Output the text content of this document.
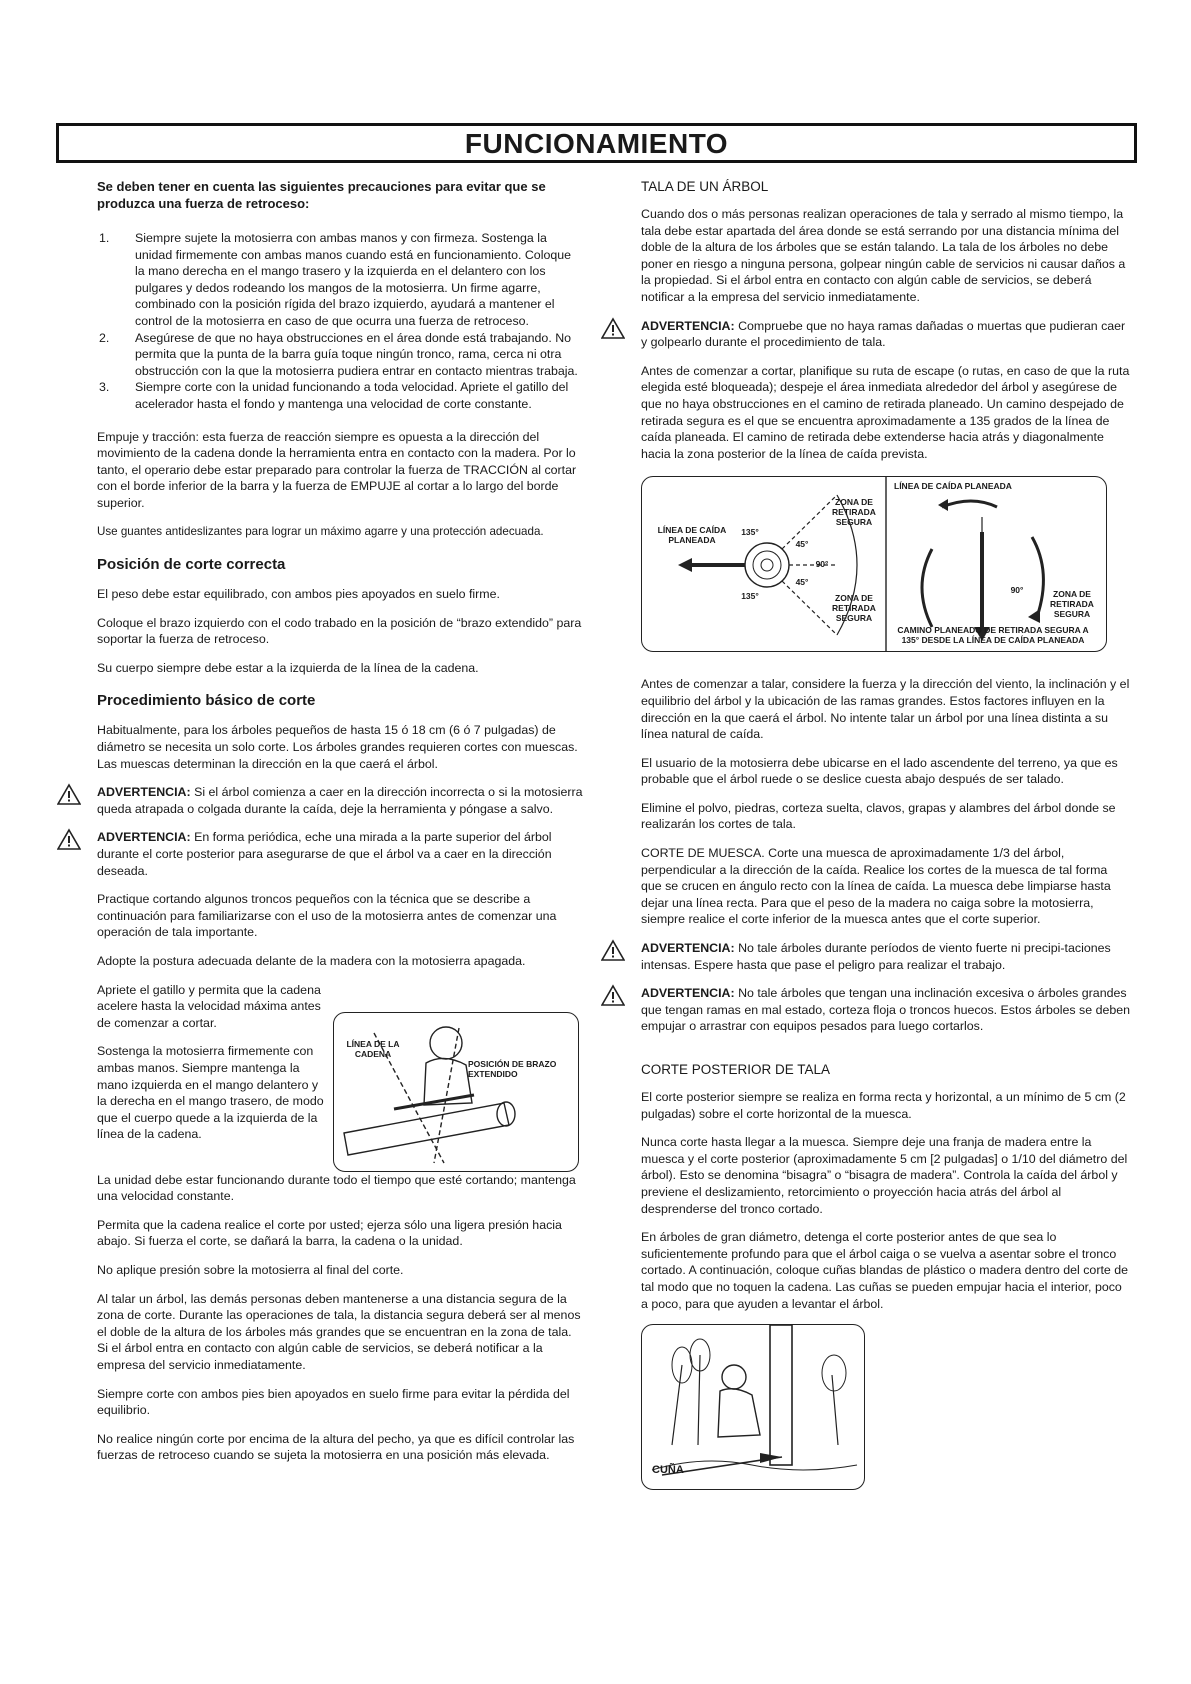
FUNCIONAMIENTO

Se deben tener en cuenta las siguientes precauciones para evitar que se produzca una fuerza de retroceso:

1. Siempre sujete la motosierra con ambas manos y con firmeza. Sostenga la unidad firmemente con ambas manos cuando está en funcionamiento. Coloque la mano derecha en el mango trasero y la izquierda en el delantero con los pulgares y dedos rodeando los mangos de la motosierra. Un firme agarre, combinado con la posición rígida del brazo izquierdo, ayudará a mantener el control de la motosierra en caso de que ocurra una fuerza de retroceso.
2. Asegúrese de que no haya obstrucciones en el área donde está trabajando. No permita que la punta de la barra guía toque ningún tronco, rama, cerca ni otra obstrucción con la que la motosierra pudiera entrar en contacto mientras trabaja.
3. Siempre corte con la unidad funcionando a toda velocidad. Apriete el gatillo del acelerador hasta el fondo y mantenga una velocidad de corte constante.

Empuje y tracción: esta fuerza de reacción siempre es opuesta a la dirección del movimiento de la cadena donde la herramienta entra en contacto con la madera. Por lo tanto, el operario debe estar preparado para controlar la fuerza de TRACCIÓN al cortar con el borde inferior de la barra y la fuerza de EMPUJE al cortar a lo largo del borde superior.

Use guantes antideslizantes para lograr un máximo agarre y una protección adecuada.

Posición de corte correcta

El peso debe estar equilibrado, con ambos pies apoyados en suelo firme.

Coloque el brazo izquierdo con el codo trabado en la posición de “brazo extendido” para soportar la fuerza de retroceso.

Su cuerpo siempre debe estar a la izquierda de la línea de la cadena.

Procedimiento básico de corte

Habitualmente, para los árboles pequeños de hasta 15 ó 18 cm (6 ó 7 pulgadas) de diámetro se necesita un solo corte. Los árboles grandes requieren cortes con muescas. Las muescas determinan la dirección en la que caerá el árbol.

ADVERTENCIA: Si el árbol comienza a caer en la dirección incorrecta o si la motosierra queda atrapada o colgada durante la caída, deje la herramienta y póngase a salvo.

ADVERTENCIA: En forma periódica, eche una mirada a la parte superior del árbol durante el corte posterior para asegurarse de que el árbol va a caer en la dirección deseada.

Practique cortando algunos troncos pequeños con la técnica que se describe a continuación para familiarizarse con el uso de la motosierra antes de comenzar una operación de tala importante.

Adopte la postura adecuada delante de la madera con la motosierra apagada.

Apriete el gatillo y permita que la cadena acelere hasta la velocidad máxima antes de comenzar a cortar.

Sostenga la motosierra firmemente con ambas manos. Siempre mantenga la mano izquierda en el mango delantero y la derecha en el mango trasero, de modo que el cuerpo quede a la izquierda de la línea de la cadena.

LÍNEA DE LA CADENA
POSICIÓN DE BRAZO EXTENDIDO

La unidad debe estar funcionando durante todo el tiempo que esté cortando; mantenga una velocidad constante.

Permita que la cadena realice el corte por usted; ejerza sólo una ligera presión hacia abajo. Si fuerza el corte, se dañará la barra, la cadena o la unidad.

No aplique presión sobre la motosierra al final del corte.

Al talar un árbol, las demás personas deben mantenerse a una distancia segura de la zona de corte. Durante las operaciones de tala, la distancia segura deberá ser al menos el doble de la altura de los árboles más grandes que se encuentran en la zona de tala. Si el árbol entra en contacto con algún cable de servicios, se deberá notificar a la empresa del servicio inmediatamente.

Siempre corte con ambos pies bien apoyados en suelo firme para evitar la pérdida del equilibrio.

No realice ningún corte por encima de la altura del pecho, ya que es difícil controlar las fuerzas de retroceso cuando se sujeta la motosierra en una posición más elevada.

TALA DE UN ÁRBOL

Cuando dos o más personas realizan operaciones de tala y serrado al mismo tiempo, la tala debe estar apartada del área donde se está serrando por una distancia mínima del doble de la altura de los árboles que se están talando. La tala de los árboles no debe poner en riesgo a ninguna persona, golpear ningún cable de servicios ni causar daños a la propiedad. Si el árbol entra en contacto con algún cable de servicios, se deberá notificar a la empresa del servicio inmediatamente.

ADVERTENCIA: Compruebe que no haya ramas dañadas o muertas que pudieran caer y golpearlo durante el procedimiento de tala.

Antes de comenzar a cortar, planifique su ruta de escape (o rutas, en caso de que la ruta elegida esté bloqueada); despeje el área inmediata alrededor del árbol y asegúrese de que no haya obstrucciones en el camino de retirada planeado. Un camino despejado de retirada segura es el que se encuentra aproximadamente a 135 grados de la línea de caída planeada. El camino de retirada debe extenderse hacia atrás y diagonalmente hacia la zona posterior de la línea de caída prevista.

LÍNEA DE CAÍDA PLANEADA
135°
135°
45°
45°
90°
ZONA DE RETIRADA SEGURA
ZONA DE RETIRADA SEGURA
LÍNEA DE CAÍDA PLANEADA
90°	ZONA DE RETIRADA SEGURA
CAMINO PLANEADO DE RETIRADA SEGURA A 135° DESDE LA LÍNEA DE CAÍDA PLANEADA

Antes de comenzar a talar, considere la fuerza y la dirección del viento, la inclinación y el equilibrio del árbol y la ubicación de las ramas grandes. Estos factores influyen en la dirección en la que caerá el árbol. No intente talar un árbol por una línea distinta a su línea natural de caída.

El usuario de la motosierra debe ubicarse en el lado ascendente del terreno, ya que es probable que el árbol ruede o se deslice cuesta abajo después de ser talado.

Elimine el polvo, piedras, corteza suelta, clavos, grapas y alambres del árbol donde se realizarán los cortes de tala.

CORTE DE MUESCA. Corte una muesca de aproximadamente 1/3 del árbol, perpendicular a la dirección de la caída. Realice los cortes de la muesca de tal forma que se crucen en ángulo recto con la línea de caída. La muesca debe limpiarse hasta dejar una línea recta. Para que el peso de la madera no caiga sobre la motosierra, siempre realice el corte inferior de la muesca antes que el corte superior.

ADVERTENCIA: No tale árboles durante períodos de viento fuerte ni precipi-taciones intensas. Espere hasta que pase el peligro para realizar el trabajo.

ADVERTENCIA: No tale árboles que tengan una inclinación excesiva o árboles grandes que tengan ramas en mal estado, corteza floja o troncos huecos. Estos árboles se deben empujar o arrastrar con equipos pesados para luego cortarlos.

CORTE POSTERIOR DE TALA

El corte posterior siempre se realiza en forma recta y horizontal, a un mínimo de 5 cm (2 pulgadas) sobre el corte horizontal de la muesca.

Nunca corte hasta llegar a la muesca. Siempre deje una franja de madera entre la muesca y el corte posterior (aproximadamente 5 cm [2 pulgadas] o 1/10 del diámetro del árbol). Esto se denomina “bisagra” o “bisagra de madera”. Controla la caída del árbol y previene el deslizamiento, retorcimiento o proyección hacia atrás del árbol al desprenderse del tronco cortado.

En árboles de gran diámetro, detenga el corte posterior antes de que sea lo suficientemente profundo para que el árbol caiga o se vuelva a asentar sobre el tronco cortado. A continuación, coloque cuñas blandas de plástico o madera dentro del corte de tal modo que no toquen la cadena. Las cuñas se pueden empujar hacia el interior, poco a poco, para que ayuden a levantar el árbol.

CUÑA
